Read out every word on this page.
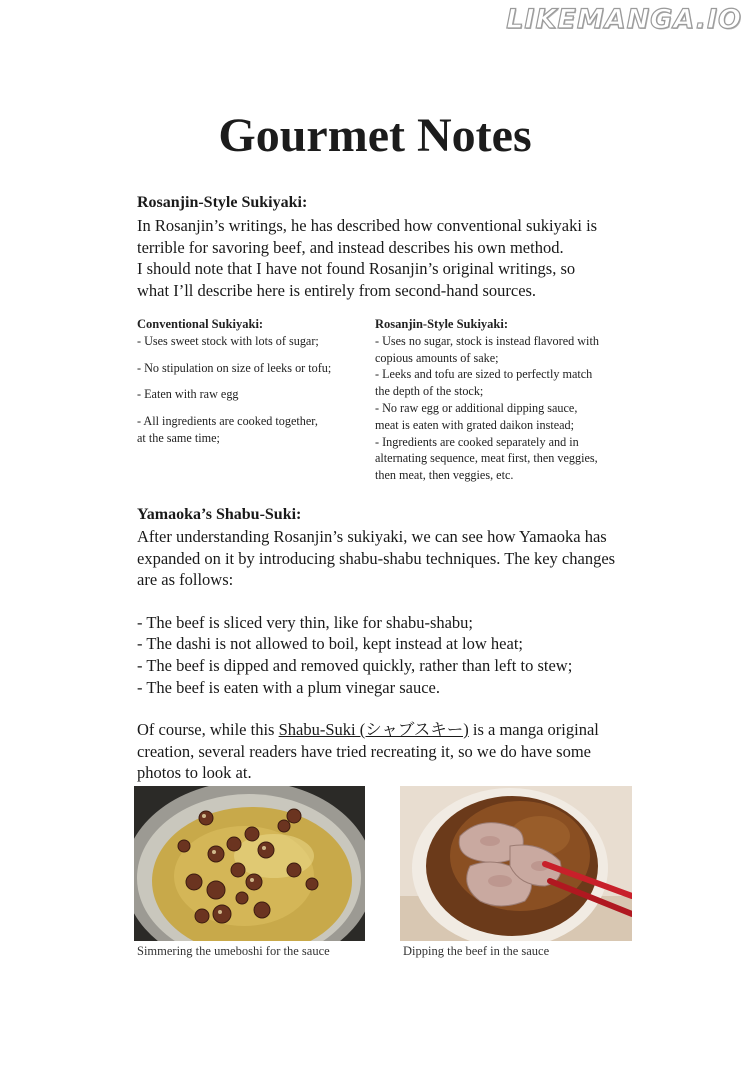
LIKEMANGA.IO
Gourmet Notes
Rosanjin-Style Sukiyaki:

In Rosanjin’s writings, he has described how conventional sukiyaki is

terrible for savoring beef, and instead describes his own method.

I should note that I have not found Rosanjin’s original writings, so

what I’ll describe here is entirely from second-hand sources.

Conventional Sukiyaki:
- Uses sweet stock with lots of sugar;
- No stipulation on size of leeks or tofu;
- Eaten with raw egg
- All ingredients are cooked together,
at the same time;
Rosanjin-Style Sukiyaki:
- Uses no sugar, stock is instead flavored with
copious amounts of sake;
- Leeks and tofu are sized to perfectly match
the depth of the stock;
- No raw egg or additional dipping sauce,
meat is eaten with grated daikon instead;
- Ingredients are cooked separately and in
alternating sequence, meat first, then veggies,
then meat, then veggies, etc.
Yamaoka’s Shabu-Suki:

After understanding Rosanjin’s sukiyaki, we can see how Yamaoka has

expanded on it by introducing shabu-shabu techniques. The key changes

are as follows:

- The beef is sliced very thin, like for shabu-shabu;
- The dashi is not allowed to boil, kept instead at low heat;
- The beef is dipped and removed quickly, rather than left to stew;
- The beef is eaten with a plum vinegar sauce.

Of course, while this Shabu-Suki (シャブスキー) is a manga original

creation, several readers have tried recreating it, so we do have some

photos to look at.

Simmering the umeboshi for the sauce	Dipping the beef in the sauce
